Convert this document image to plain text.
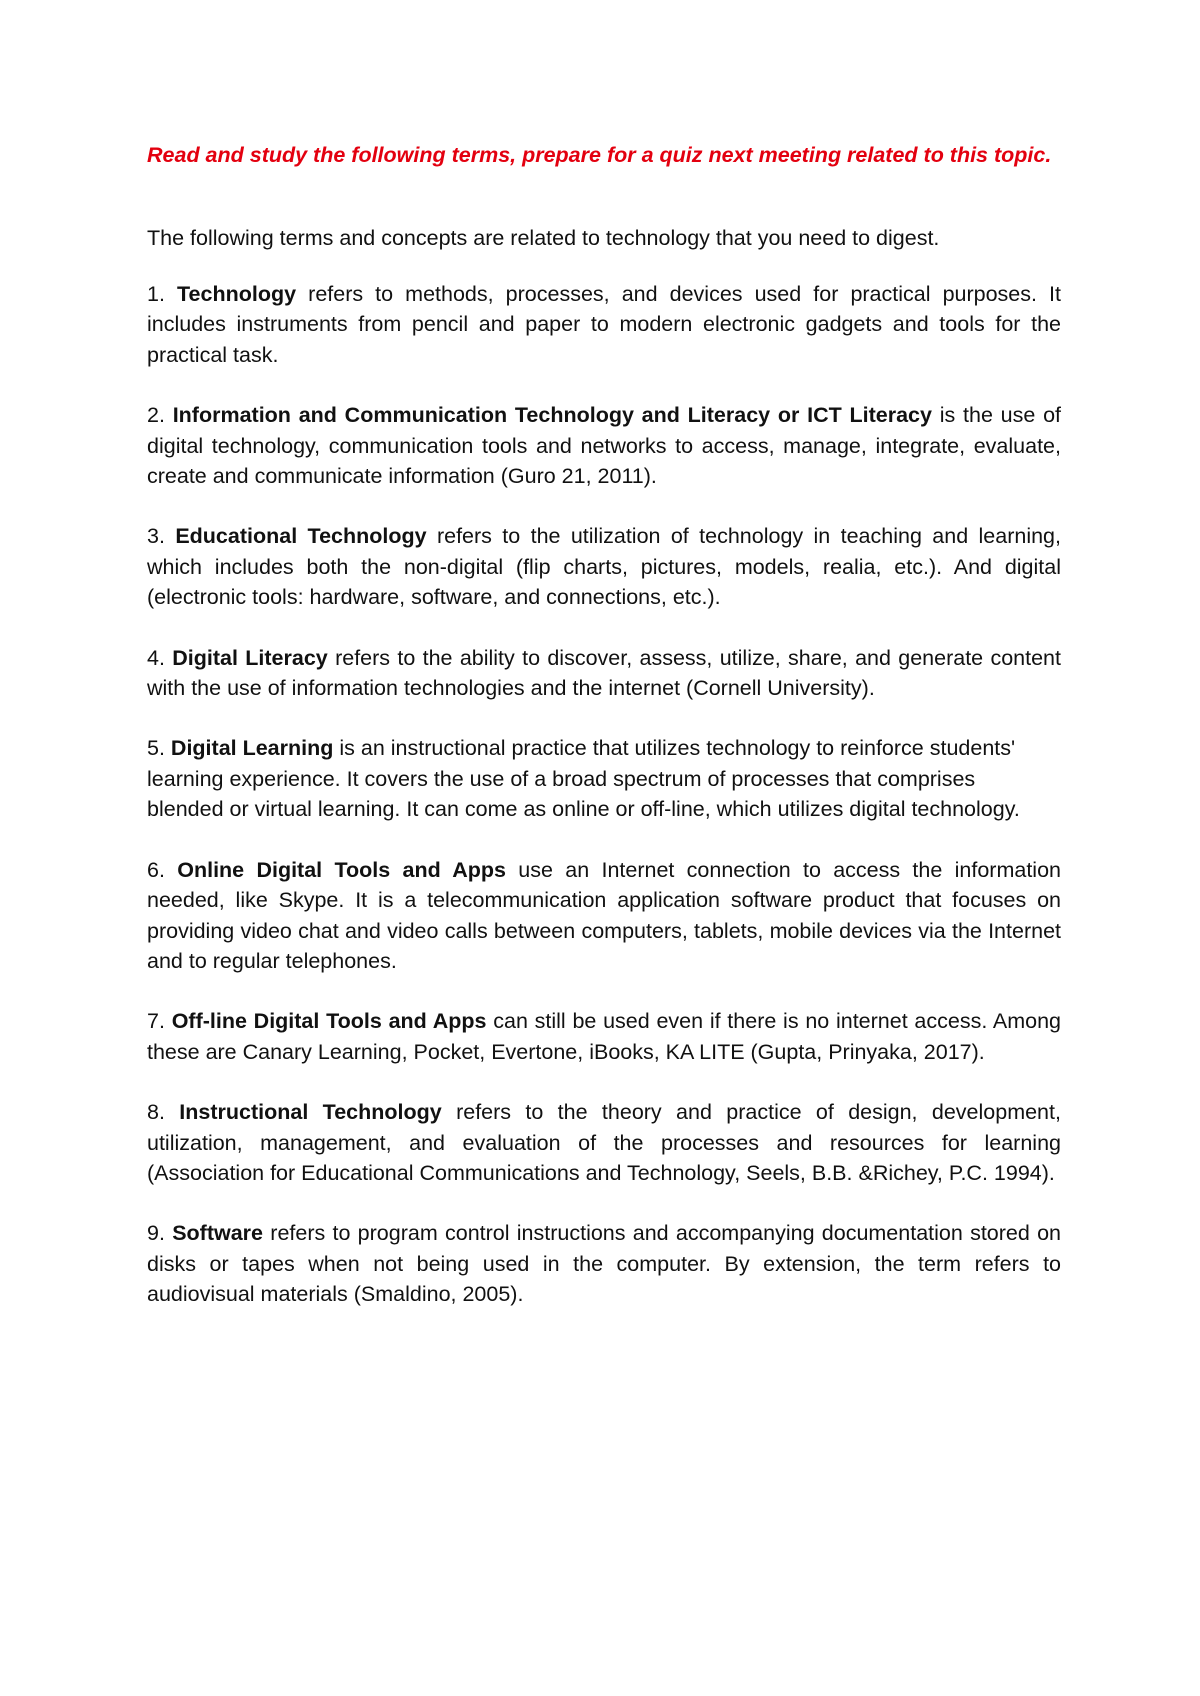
Read and study the following terms, prepare for a quiz next meeting related to this topic.

The following terms and concepts are related to technology that you need to digest.

1. Technology refers to methods, processes, and devices used for practical purposes. It includes instruments from pencil and paper to modern electronic gadgets and tools for the practical task.

2. Information and Communication Technology and Literacy or ICT Literacy is the use of digital technology, communication tools and networks to access, manage, integrate, evaluate, create and communicate information (Guro 21, 2011).

3. Educational Technology refers to the utilization of technology in teaching and learning, which includes both the non-digital (flip charts, pictures, models, realia, etc.). And digital (electronic tools: hardware, software, and connections, etc.).

4. Digital Literacy refers to the ability to discover, assess, utilize, share, and generate content with the use of information technologies and the internet (Cornell University).

5. Digital Learning is an instructional practice that utilizes technology to reinforce students' learning experience. It covers the use of a broad spectrum of processes that comprises blended or virtual learning. It can come as online or off-line, which utilizes digital technology.

6. Online Digital Tools and Apps use an Internet connection to access the information needed, like Skype. It is a telecommunication application software product that focuses on providing video chat and video calls between computers, tablets, mobile devices via the Internet and to regular telephones.

7. Off-line Digital Tools and Apps can still be used even if there is no internet access. Among these are Canary Learning, Pocket, Evertone, iBooks, KA LITE (Gupta, Prinyaka, 2017).

8. Instructional Technology refers to the theory and practice of design, development, utilization, management, and evaluation of the processes and resources for learning (Association for Educational Communications and Technology, Seels, B.B. &Richey, P.C. 1994).

9. Software refers to program control instructions and accompanying documentation stored on disks or tapes when not being used in the computer. By extension, the term refers to audiovisual materials (Smaldino, 2005).
